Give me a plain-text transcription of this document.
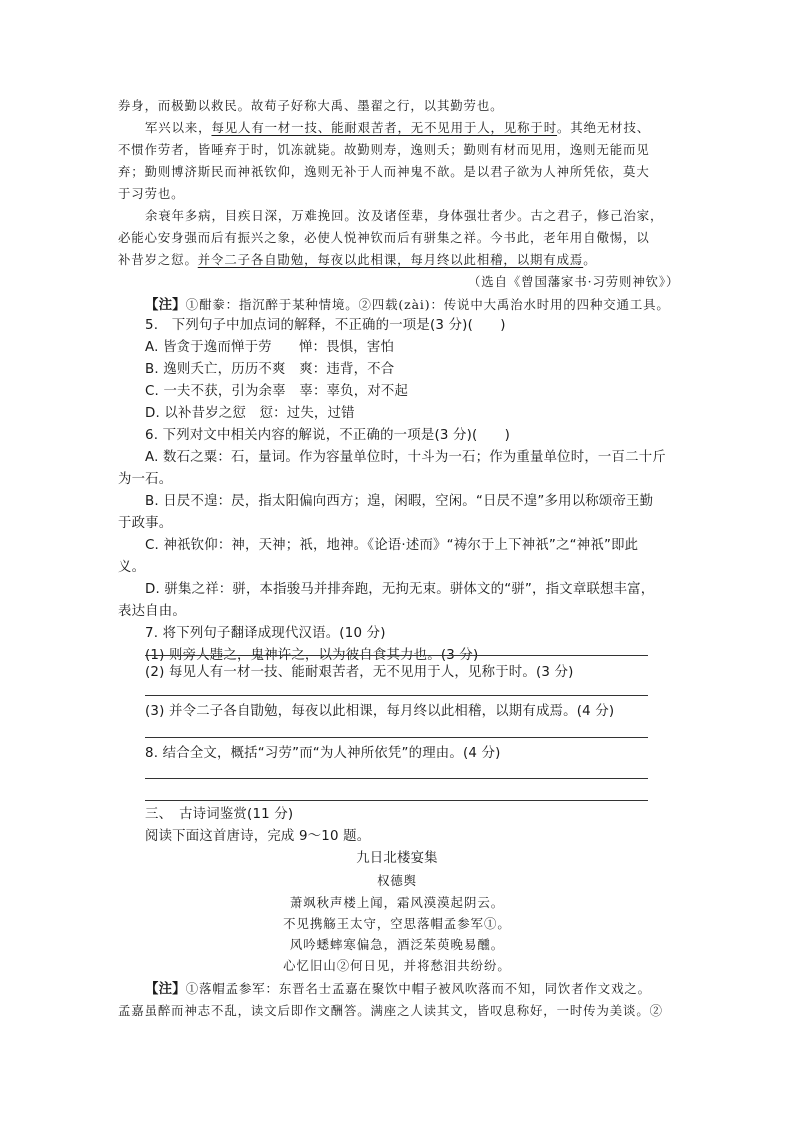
券身，而极勤以救民。故荀子好称大禹、墨翟之行，以其勤劳也。
军兴以来，每见人有一材一技、能耐艰苦者，无不见用于人，见称于时。其绝无材技、
不惯作劳者，皆唾弃于时，饥冻就毙。故勤则寿，逸则夭；勤则有材而见用，逸则无能而见
弃；勤则博济斯民而神祇钦仰，逸则无补于人而神鬼不歆。是以君子欲为人神所凭依，莫大
于习劳也。
余衰年多病，目疾日深，万难挽回。汝及诸侄辈，身体强壮者少。古之君子，修己治家，
必能心安身强而后有振兴之象，必使人悦神钦而后有骈集之祥。今书此，老年用自儆惕，以
补昔岁之愆。并令二子各自勖勉，每夜以此相课，每月终以此相稽，以期有成焉。
（选自《曾国藩家书·习劳则神钦》）
【注】①酣豢：指沉醉于某种情境。②四载(zài)：传说中大禹治水时用的四种交通工具。
5.　下列句子中加点词的解释，不正确的一项是(3 分)(　　)
A. 皆贪于逸而惮于劳　　惮：畏惧，害怕
B. 逸则夭亡，历历不爽　爽：违背，不合
C. 一夫不获，引为余辜　辜：辜负，对不起
D. 以补昔岁之愆　愆：过失，过错
6. 下列对文中相关内容的解说，不正确的一项是(3 分)(　　)
A. 数石之粟：石，量词。作为容量单位时，十斗为一石；作为重量单位时，一百二十斤
为一石。
B. 日昃不遑：昃，指太阳偏向西方；遑，闲暇，空闲。“日昃不遑”多用以称颂帝王勤
于政事。
C. 神祇钦仰：神，天神；祇，地神。《论语·述而》“祷尔于上下神祇”之“神祇”即此
义。
D. 骈集之祥：骈，本指骏马并排奔跑，无拘无束。骈体文的“骈”，指文章联想丰富，
表达自由。
7. 将下列句子翻译成现代汉语。(10 分)
(1) 则旁人韪之，鬼神许之，以为彼自食其力也。(3 分)
(2) 每见人有一材一技、能耐艰苦者，无不见用于人，见称于时。(3 分)
(3) 并令二子各自勖勉，每夜以此相课，每月终以此相稽，以期有成焉。(4 分)
8. 结合全文，概括“习劳”而“为人神所依凭”的理由。(4 分)
三、　古诗词鉴赏(11 分)
阅读下面这首唐诗，完成 9～10 题。
九日北楼宴集
权德舆
萧飒秋声楼上闻，霜风漠漠起阴云。
不见携觞王太守，空思落帽孟参军①。
风吟蟋蟀寒偏急，酒泛茱萸晚易醺。
心忆旧山②何日见，并将愁泪共纷纷。
【注】①落帽孟参军：东晋名士孟嘉在聚饮中帽子被风吹落而不知，同饮者作文戏之。
孟嘉虽醉而神志不乱，读文后即作文酬答。满座之人读其文，皆叹息称好，一时传为美谈。②
